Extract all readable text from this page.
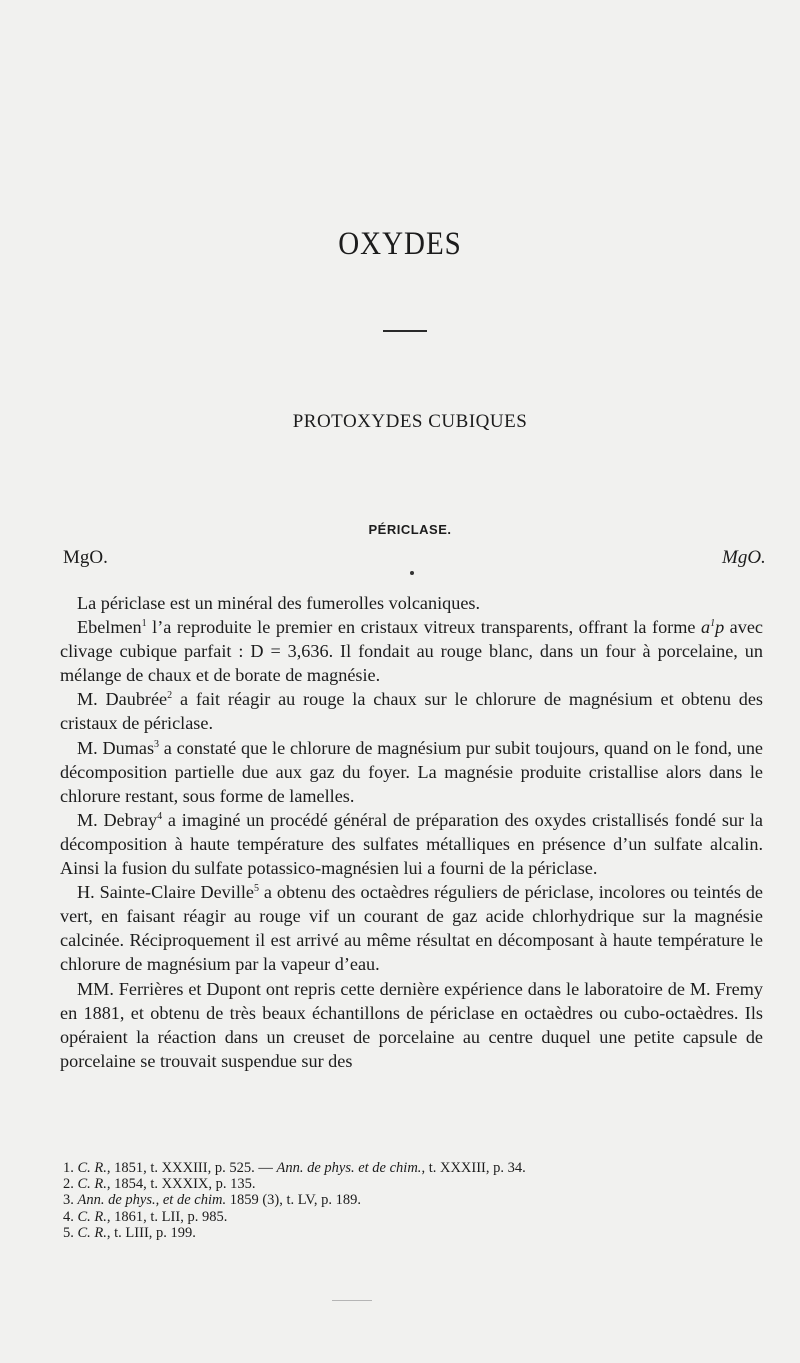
OXYDES
PROTOXYDES CUBIQUES
PÉRICLASE.
MgO.	MgO.

La périclase est un minéral des fumerolles volcaniques.

Ebelmen$^1$ l’a reproduite le premier en cristaux vitreux transparents, offrant la forme $a^1p$ avec clivage cubique parfait : D = 3,636. Il fondait au rouge blanc, dans un four à porcelaine, un mélange de chaux et de borate de magnésie.

M. Daubrée$^2$ a fait réagir au rouge la chaux sur le chlorure de magnésium et obtenu des cristaux de périclase.

M. Dumas$^3$ a constaté que le chlorure de magnésium pur subit toujours, quand on le fond, une décomposition partielle due aux gaz du foyer. La magnésie produite cristallise alors dans le chlorure restant, sous forme de lamelles.

M. Debray$^4$ a imaginé un procédé général de préparation des oxydes cristallisés fondé sur la décomposition à haute température des sulfates métalliques en présence d’un sulfate alcalin. Ainsi la fusion du sulfate potassico-magnésien lui a fourni de la périclase.

H. Sainte-Claire Deville$^5$ a obtenu des octaèdres réguliers de périclase, incolores ou teintés de vert, en faisant réagir au rouge vif un courant de gaz acide chlorhydrique sur la magnésie calcinée. Réciproquement il est arrivé au même résultat en décomposant à haute température le chlorure de magnésium par la vapeur d’eau.

MM. Ferrières et Dupont ont repris cette dernière expérience dans le laboratoire de M. Fremy en 1881, et obtenu de très beaux échantillons de périclase en octaèdres ou cubo-octaèdres. Ils opéraient la réaction dans un creuset de porcelaine au centre duquel une petite capsule de porcelaine se trouvait suspendue sur des

1. C. R., 1851, t. XXXIII, p. 525. — Ann. de phys. et de chim., t. XXXIII, p. 34.
2. C. R., 1854, t. XXXIX, p. 135.
3. Ann. de phys., et de chim. 1859 (3), t. LV, p. 189.
4. C. R., 1861, t. LII, p. 985.
5. C. R., t. LIII, p. 199.
